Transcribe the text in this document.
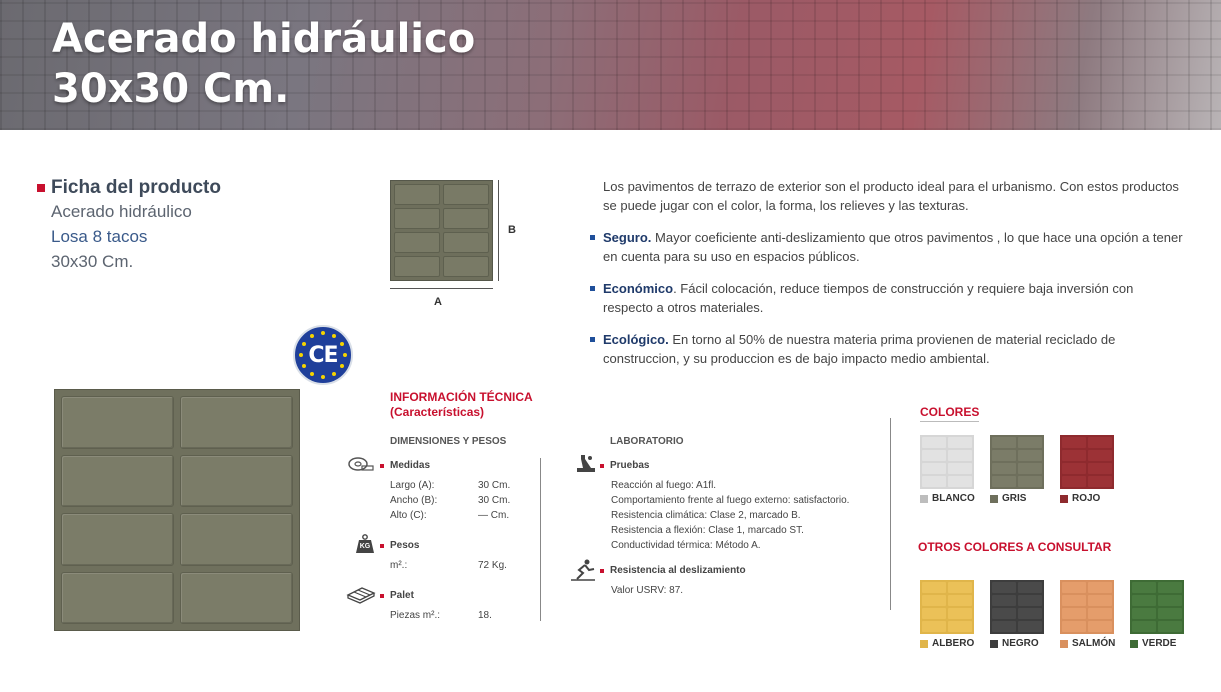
Acerado hidráulico
30x30 Cm.
Ficha del producto
Acerado hidráulico
Losa 8 tacos
30x30 Cm.
B
A
CE

Los pavimentos de terrazo de exterior son el producto ideal para el urbanismo. Con estos productos se puede jugar con el color, la forma, los relieves y las texturas.

Seguro. Mayor coeficiente anti-deslizamiento que otros pavimentos , lo que hace una opción a tener en cuenta para su uso en espacios públicos.

Económico. Fácil colocación, reduce tiempos de construcción y requiere baja inversión con respecto a otros materiales.

Ecológico. En torno al 50% de nuestra materia prima provienen de material reciclado de construccion, y su produccion es de bajo impacto medio ambiental.

INFORMACIÓN TÉCNICA
(Características)
DIMENSIONES Y PESOS
Medidas
Largo (A):	30 Cm.
Ancho (B):	30 Cm.
Alto (C):	— Cm.
KG	Pesos
m².:	72 Kg.
Palet
Piezas m².:	18.
LABORATORIO
Pruebas
Reacción al fuego: A1fl.
Comportamiento frente al fuego externo: satisfactorio.
Resistencia climática: Clase 2, marcado B.
Resistencia a flexión: Clase 1, marcado ST.
Conductividad térmica: Método A.
Resistencia al deslizamiento
Valor USRV: 87.
COLORES
BLANCO	GRIS	ROJO
ALBERO	NEGRO	SALMÓN	VERDE
OTROS COLORES A CONSULTAR
